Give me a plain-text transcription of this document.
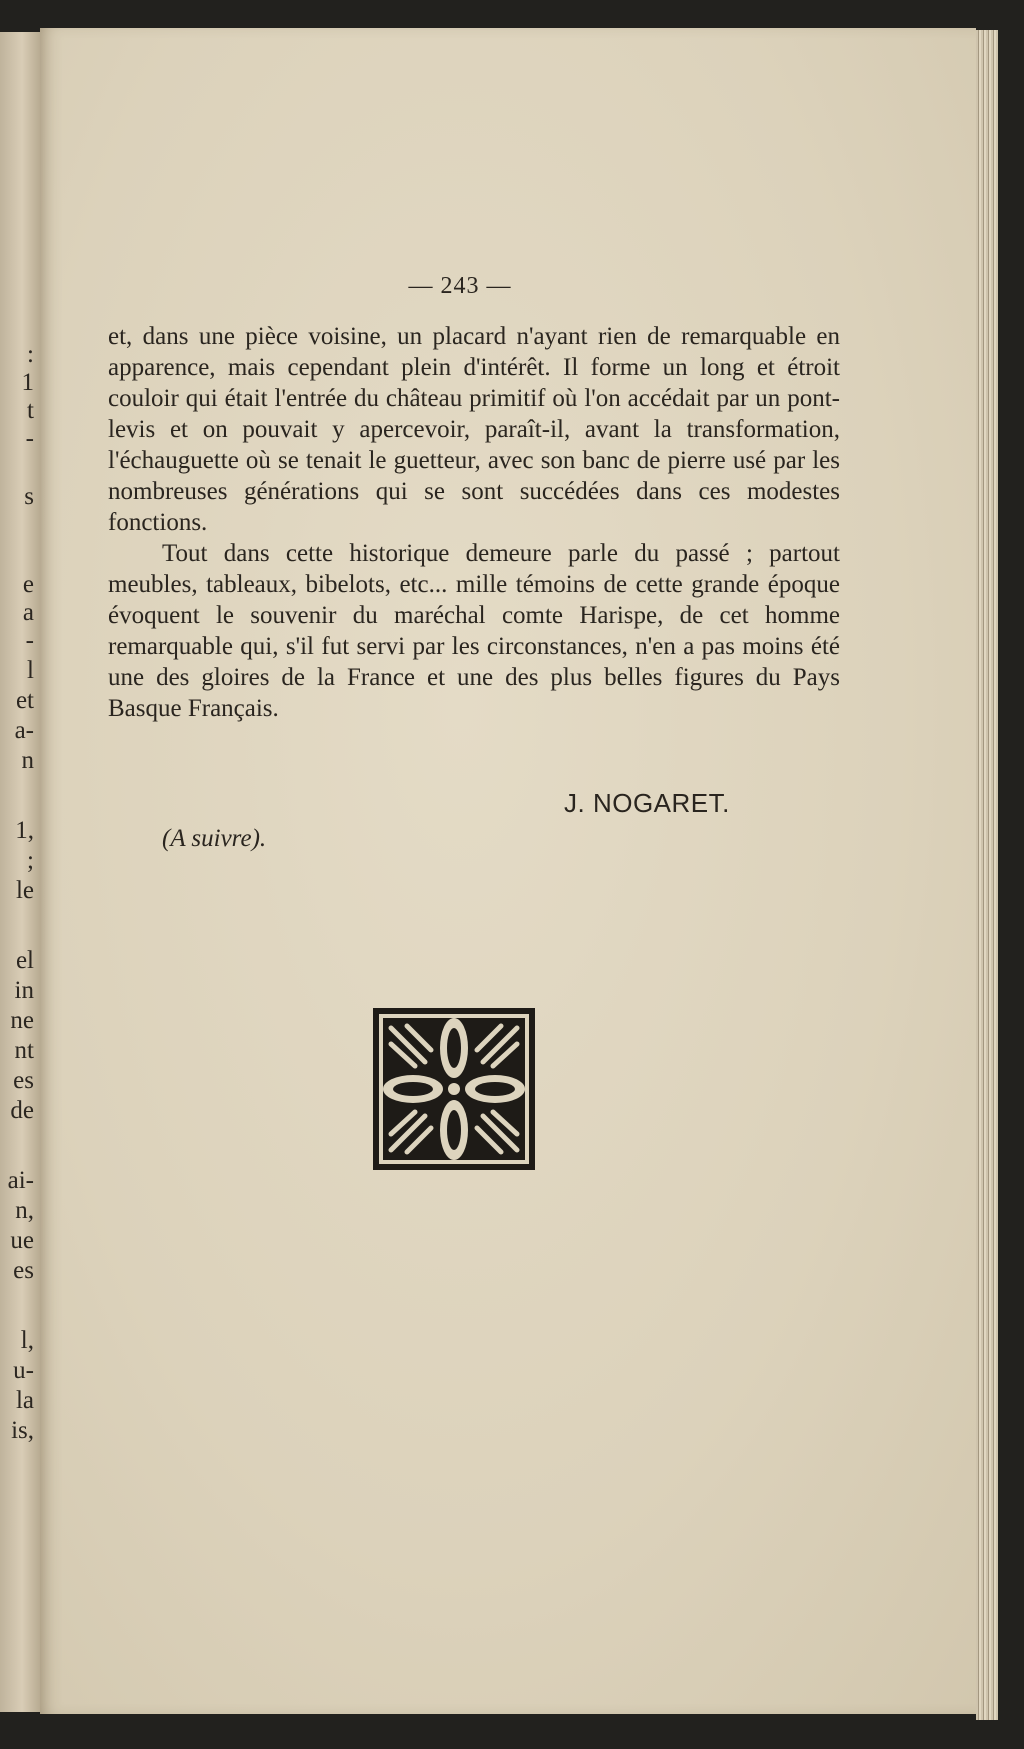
:
1
t
-
s
e
a
-
l
et
a-
n
1,
;
le
el
in
ne
nt
es
de
ai-
n,
ue
es
l,
u-
la
is,
— 243 —

et, dans une pièce voisine, un placard n'ayant rien de remarquable en apparence, mais cependant plein d'intérêt. Il forme un long et étroit couloir qui était l'entrée du château primitif où l'on accédait par un pont-levis et on pouvait y apercevoir, paraît-il, avant la transformation, l'échauguette où se tenait le guetteur, avec son banc de pierre usé par les nombreuses générations qui se sont succédées dans ces modestes fonctions.

Tout dans cette historique demeure parle du passé ; partout meubles, tableaux, bibelots, etc... mille témoins de cette grande époque évoquent le souvenir du maréchal comte Harispe, de cet homme remarquable qui, s'il fut servi par les circonstances, n'en a pas moins été une des gloires de la France et une des plus belles figures du Pays Basque Français.

J. NOGARET.
(A suivre).
